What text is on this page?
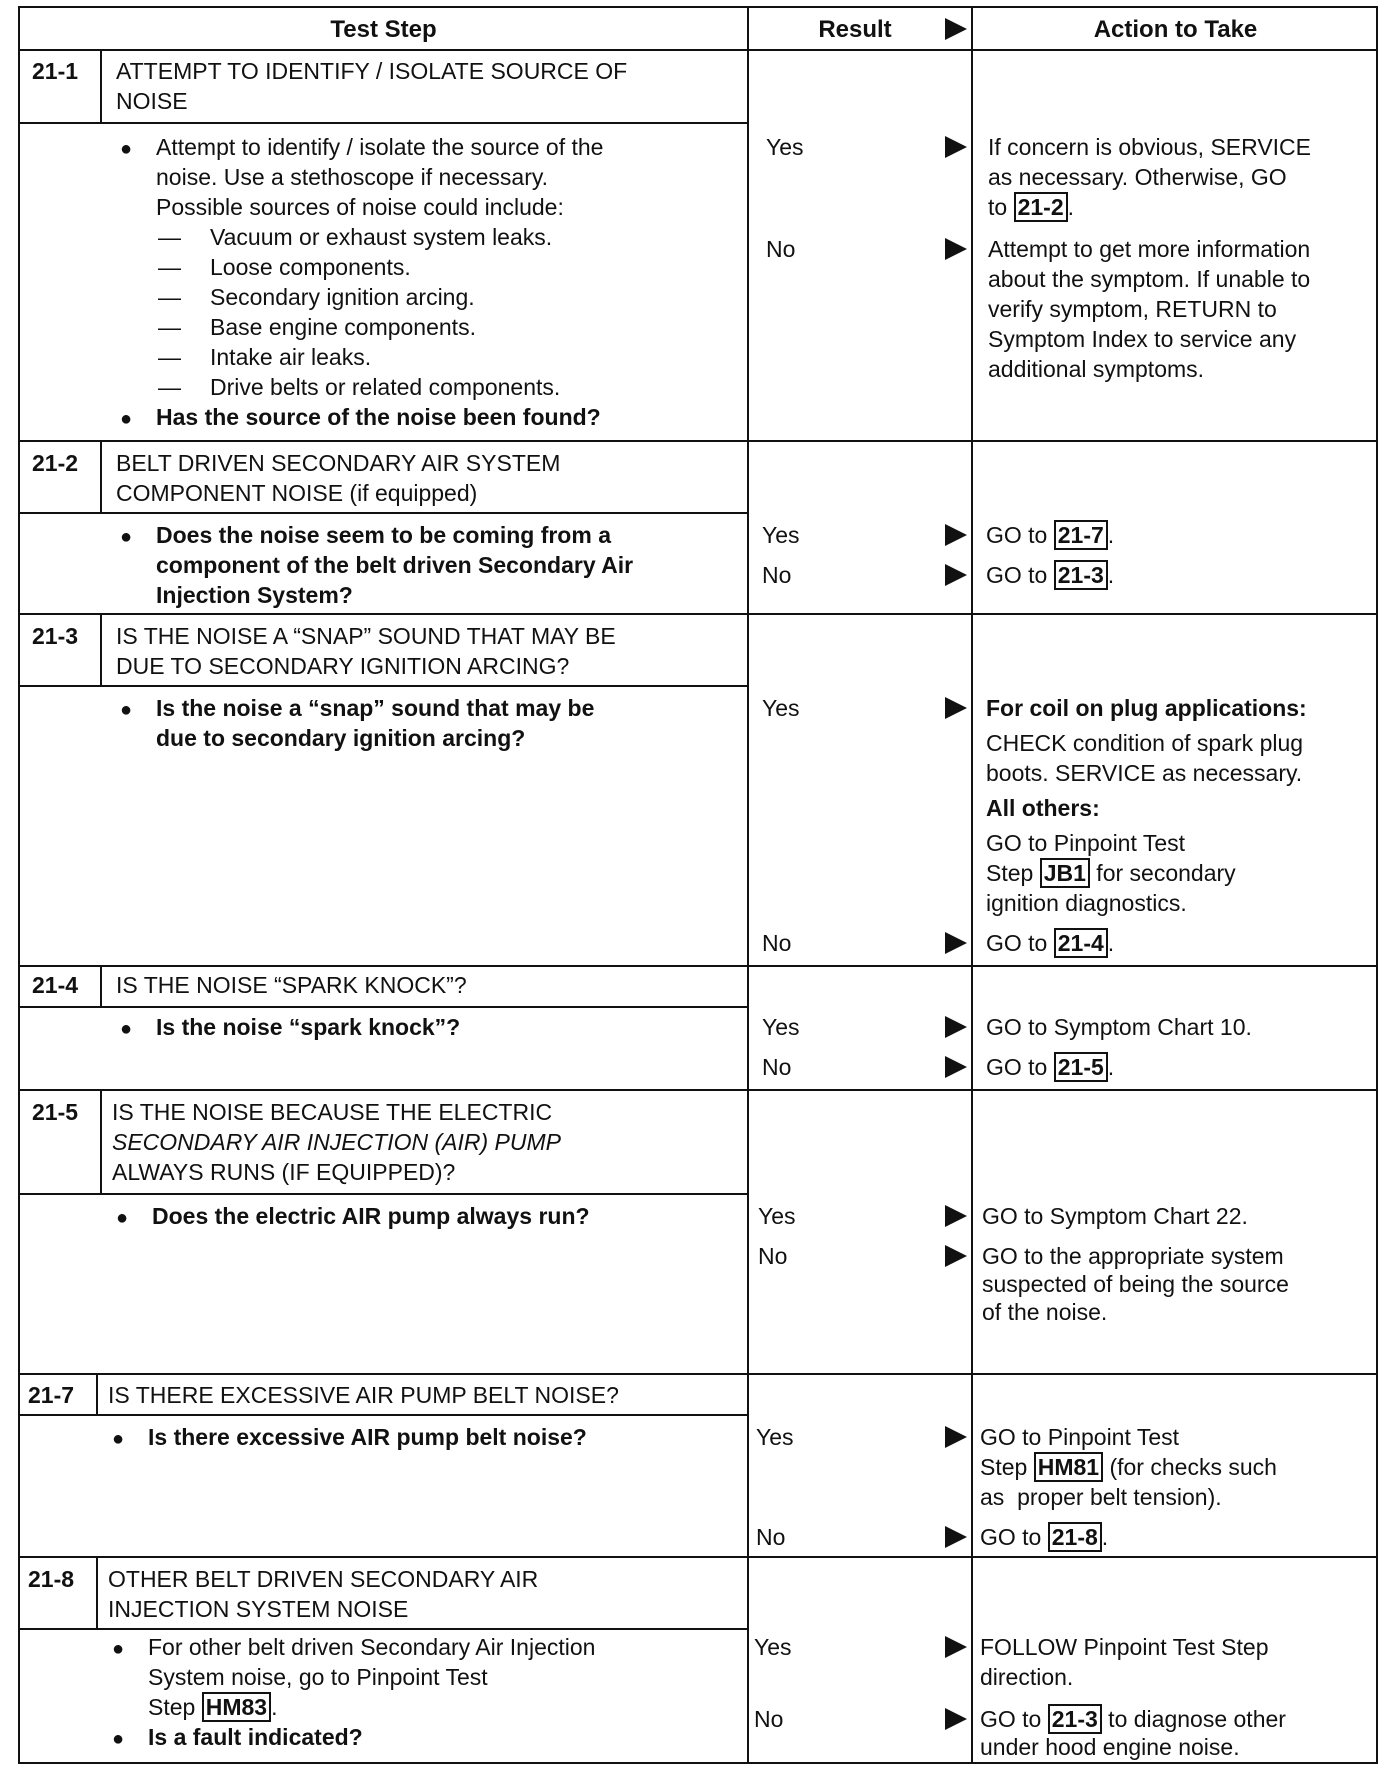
Test Step	Result	Action to Take
21-1 ATTEMPT TO IDENTIFY / ISOLATE SOURCE OF
NOISE
● Attempt to identify / isolate the source of the
noise. Use a stethoscope if necessary.
Possible sources of noise could include:
— Vacuum or exhaust system leaks.
— Loose components.
— Secondary ignition arcing.
— Base engine components.
— Intake air leaks.
— Drive belts or related components.
● Has the source of the noise been found?
Yes	If concern is obvious, SERVICE
as necessary. Otherwise, GO
to 21-2 .
No	Attempt to get more information
about the symptom. If unable to
verify symptom, RETURN to
Symptom Index to service any
additional symptoms.
21-2 BELT DRIVEN SECONDARY AIR SYSTEM
COMPONENT NOISE (if equipped)
● Does the noise seem to be coming from a
component of the belt driven Secondary Air
Injection System?
Yes	GO to 21-7 .
No	GO to 21-3 .
21-3 IS THE NOISE A “SNAP” SOUND THAT MAY BE
DUE TO SECONDARY IGNITION ARCING?
● Is the noise a “snap” sound that may be
due to secondary ignition arcing?
Yes	For coil on plug applications:
CHECK condition of spark plug
boots. SERVICE as necessary.
All others:
GO to Pinpoint Test
Step JB1 for secondary
ignition diagnostics.
No	GO to 21-4 .
21-4 IS THE NOISE “SPARK KNOCK”?
● Is the noise “spark knock”?	Yes	GO to Symptom Chart 10.
No	GO to 21-5 .
21-5 IS THE NOISE BECAUSE THE ELECTRIC
SECONDARY AIR INJECTION (AIR) PUMP
ALWAYS RUNS (IF EQUIPPED)?
● Does the electric AIR pump always run?	Yes	GO to Symptom Chart 22.
No	GO to the appropriate system
suspected of being the source
of the noise.
21-7 IS THERE EXCESSIVE AIR PUMP BELT NOISE?
● Is there excessive AIR pump belt noise?	Yes	GO to Pinpoint Test
Step HM81 (for checks such
as  proper belt tension).
No	GO to 21-8 .
21-8 OTHER BELT DRIVEN SECONDARY AIR
INJECTION SYSTEM NOISE
● For other belt driven Secondary Air Injection
System noise, go to Pinpoint Test
Step HM83 .
● Is a fault indicated?
Yes	FOLLOW Pinpoint Test Step
direction.
No	GO to 21-3 to diagnose other
under hood engine noise.
